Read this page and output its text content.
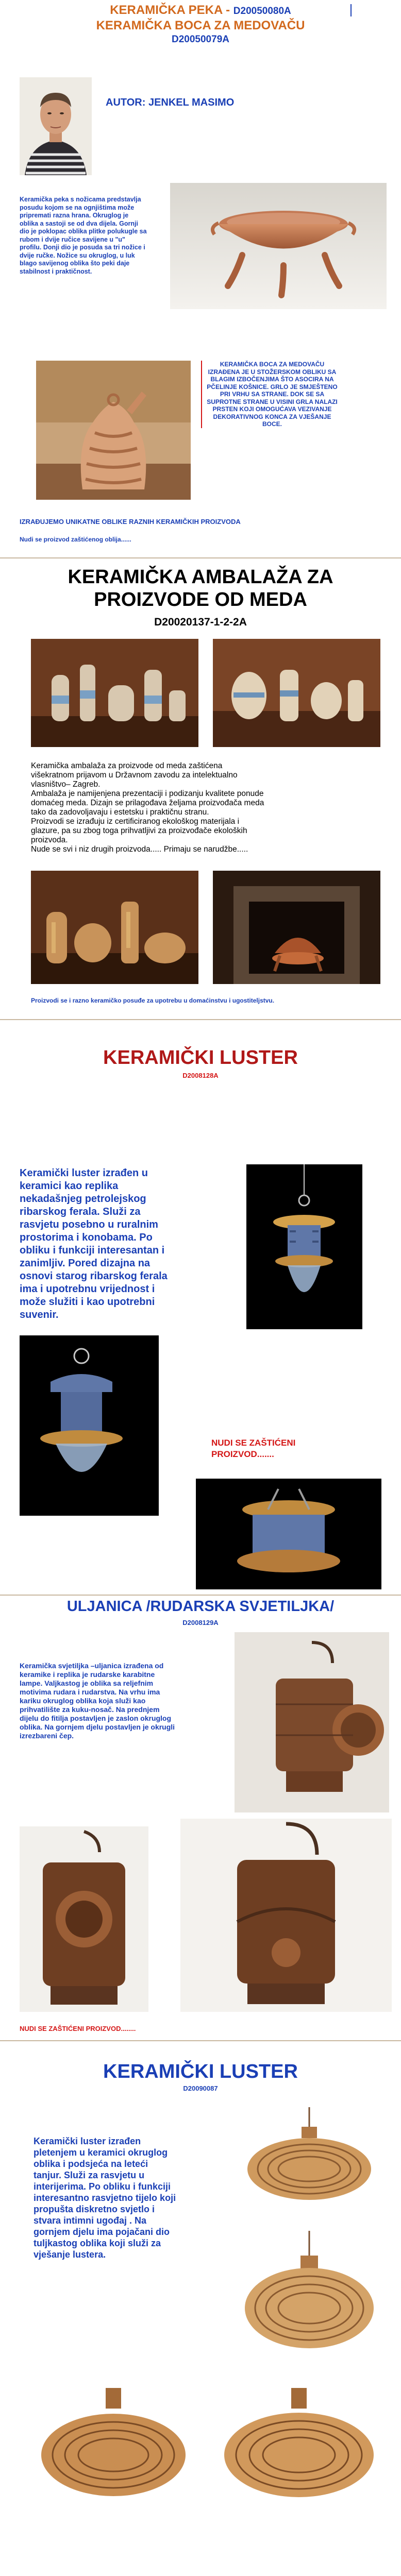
KERAMIČKA PEKA - D20050080A
KERAMIČKA BOCA ZA MEDOVAČU
D20050079A
AUTOR: JENKEL MASIMO
Keramička peka s nožicama predstavlja posudu kojom se na ognjištima može pripremati razna hrana. Okruglog je oblika a sastoji se od dva dijela. Gornji dio je poklopac oblika plitke polukugle sa rubom i dvije ručice savijene u "u" profilu. Donji dio je posuda sa tri nožice i dvije ručke. Nožice su okruglog, u luk blago savijenog oblika što peki daje stabilnost i praktičnost.
KERAMIČKA BOCA ZA MEDOVAČU IZRAĐENA JE U STOŽERSKOM OBLIKU SA BLAGIM IZBOČENJIMA ŠTO ASOCIRA NA PČELINJE KOŠNICE. GRLO JE SMJEŠTENO PRI VRHU SA STRANE. DOK SE SA SUPROTNE STRANE U VISINI GRLA NALAZI PRSTEN KOJI OMOGUĆAVA VEZIVANJE DEKORATIVNOG KONCA ZA VJEŠANJE BOCE.
IZRAĐUJEMO UNIKATNE OBLIKE RAZNIH KERAMIČKIH PROIZVODA
Nudi se proizvod zaštićenog oblija......
KERAMIČKA AMBALAŽA ZA
PROIZVODE OD MEDA
D20020137-1-2-2A
Keramička ambalaža za proizvode od meda zaštićena
višekratnom prijavom u Državnom zavodu za intelektualno
vlasništvo– Zagreb.
Ambalaža je namijenjena prezentaciji i podizanju kvalitete ponude
domaćeg meda. Dizajn se prilagođava željama proizvođača meda
tako da zadovoljavaju i estetsku i praktičnu stranu.
Proizvodi se izrađuju iz certificiranog ekološkog materijala i
glazure, pa su zbog toga prihvatljivi za proizvođače ekoloških
proizvoda.
Nude se svi i niz drugih proizvoda..... Primaju se narudžbe.....
Proizvodi se i razno keramičko posuđe za upotrebu u domaćinstvu i ugostiteljstvu.
KERAMIČKI LUSTER
D2008128A
Keramički luster izrađen u keramici kao replika nekadašnjeg petrolejskog ribarskog ferala. Služi za rasvjetu posebno u ruralnim prostorima i konobama. Po obliku i funkciji interesantan i zanimljiv. Pored dizajna na osnovi starog ribarskog ferala ima i upotrebnu vrijednost i može služiti i kao upotrebni suvenir.
NUDI SE ZAŠTIĆENI PROIZVOD.......
ULJANICA /RUDARSKA SVJETILJKA/
D2008129A
Keramička svjetiljka –uljanica izrađena od keramike i replika je rudarske karabitne lampe. Valjkastog je oblika sa reljefnim motivima rudara i rudarstva. Na vrhu ima kariku okruglog oblika koja služi kao prihvatilište za kuku-nosač. Na prednjem dijelu do fitilja postavljen je zaslon okruglog oblika. Na gornjem djelu postavljen je okrugli izrezbareni čep.
NUDI SE ZAŠTIĆENI PROIZVOD........
KERAMIČKI LUSTER
D20090087
Keramički luster izrađen pletenjem u keramici okruglog oblika i podsjeća na leteći tanjur. Služi za rasvjetu u interijerima. Po obliku i funkciji interesantno rasvjetno tijelo koji propušta diskretno svjetlo i stvara intimni ugođaj . Na gornjem djelu ima pojačani dio tuljkastog oblika koji služi za vješanje lustera.
